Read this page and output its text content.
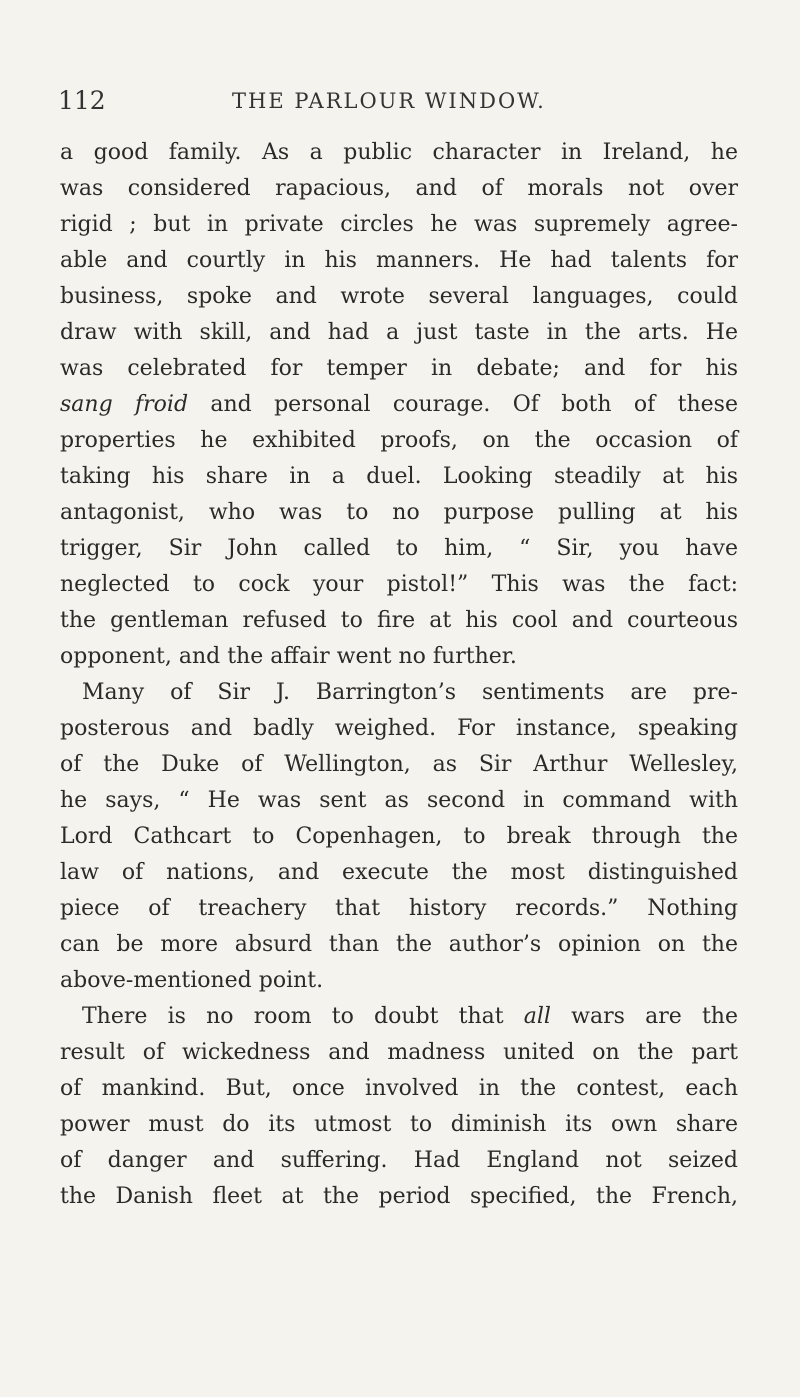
112	THE PARLOUR WINDOW.
a good family. As a public character in Ireland, he
was considered rapacious, and of morals not over
rigid ; but in private circles he was supremely agree-
able and courtly in his manners. He had talents for
business, spoke and wrote several languages, could
draw with skill, and had a just taste in the arts. He
was celebrated for temper in debate; and for his
sang froid and personal courage. Of both of these
properties he exhibited proofs, on the occasion of
taking his share in a duel. Looking steadily at his
antagonist, who was to no purpose pulling at his
trigger, Sir John called to him, “ Sir, you have
neglected to cock your pistol!” This was the fact:
the gentleman refused to fire at his cool and courteous
opponent, and the affair went no further.
Many of Sir J. Barrington’s sentiments are pre-
posterous and badly weighed. For instance, speaking
of the Duke of Wellington, as Sir Arthur Wellesley,
he says, “ He was sent as second in command with
Lord Cathcart to Copenhagen, to break through the
law of nations, and execute the most distinguished
piece of treachery that history records.” Nothing
can be more absurd than the author’s opinion on the
above-mentioned point.
There is no room to doubt that all wars are the
result of wickedness and madness united on the part
of mankind. But, once involved in the contest, each
power must do its utmost to diminish its own share
of danger and suffering. Had England not seized
the Danish fleet at the period specified, the French,
